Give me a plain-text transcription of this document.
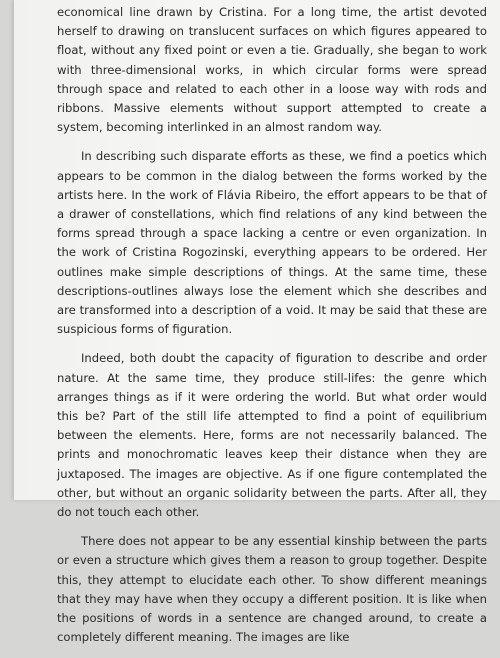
economical line drawn by Cristina. For a long time, the artist devoted herself to drawing on translucent surfaces on which figures appeared to float, without any fixed point or even a tie. Gradually, she began to work with three-dimensional works, in which circular forms were spread through space and related to each other in a loose way with rods and ribbons. Massive elements without support attempted to create a system, becoming interlinked in an almost random way.

In describing such disparate efforts as these, we find a poetics which appears to be common in the dialog between the forms worked by the artists here. In the work of Flávia Ribeiro, the effort appears to be that of a drawer of constellations, which find relations of any kind between the forms spread through a space lacking a centre or even organization. In the work of Cristina Rogozinski, everything appears to be ordered. Her outlines make simple descriptions of things. At the same time, these descriptions-outlines always lose the element which she describes and are transformed into a description of a void. It may be said that these are suspicious forms of figuration.

Indeed, both doubt the capacity of figuration to describe and order nature. At the same time, they produce still-lifes: the genre which arranges things as if it were ordering the world. But what order would this be? Part of the still life attempted to find a point of equilibrium between the elements. Here, forms are not necessarily balanced. The prints and monochromatic leaves keep their distance when they are juxtaposed. The images are objective. As if one figure contemplated the other, but without an organic solidarity between the parts. After all, they do not touch each other.

There does not appear to be any essential kinship between the parts or even a structure which gives them a reason to group together. Despite this, they attempt to elucidate each other. To show different meanings that they may have when they occupy a different position. It is like when the positions of words in a sentence are changed around, to create a completely different meaning. The images are like
